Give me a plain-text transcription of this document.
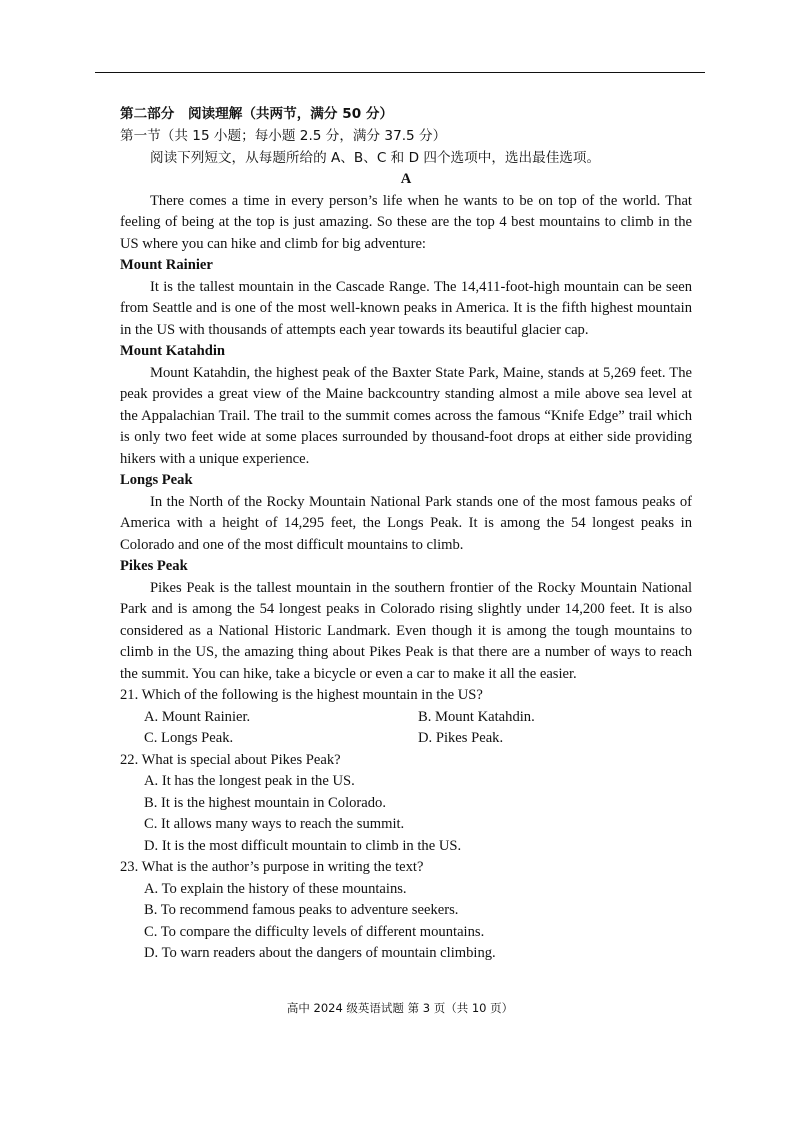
第二部分　阅读理解（共两节，满分 50 分）
第一节（共 15 小题；每小题 2.5 分，满分 37.5 分）
阅读下列短文，从每题所给的 A、B、C 和 D 四个选项中，选出最佳选项。
A

There comes a time in every person’s life when he wants to be on top of the world. That feeling of being at the top is just amazing. So these are the top 4 best mountains to climb in the US where you can hike and climb for big adventure:

Mount Rainier

It is the tallest mountain in the Cascade Range. The 14,411-foot-high mountain can be seen from Seattle and is one of the most well-known peaks in America. It is the fifth highest mountain in the US with thousands of attempts each year towards its beautiful glacier cap.

Mount Katahdin

Mount Katahdin, the highest peak of the Baxter State Park, Maine, stands at 5,269 feet. The peak provides a great view of the Maine backcountry standing almost a mile above sea level at the Appalachian Trail. The trail to the summit comes across the famous “Knife Edge” trail which is only two feet wide at some places surrounded by thousand-foot drops at either side providing hikers with a unique experience.

Longs Peak

In the North of the Rocky Mountain National Park stands one of the most famous peaks of America with a height of 14,295 feet, the Longs Peak. It is among the 54 longest peaks in Colorado and one of the most difficult mountains to climb.

Pikes Peak

Pikes Peak is the tallest mountain in the southern frontier of the Rocky Mountain National Park and is among the 54 longest peaks in Colorado rising slightly under 14,200 feet. It is also considered as a National Historic Landmark. Even though it is among the tough mountains to climb in the US, the amazing thing about Pikes Peak is that there are a number of ways to reach the summit. You can hike, take a bicycle or even a car to make it all the easier.

21. Which of the following is the highest mountain in the US?
A. Mount Rainier.	B. Mount Katahdin.
C. Longs Peak.	D. Pikes Peak.
22. What is special about Pikes Peak?
A. It has the longest peak in the US.
B. It is the highest mountain in Colorado.
C. It allows many ways to reach the summit.
D. It is the most difficult mountain to climb in the US.
23. What is the author’s purpose in writing the text?
A. To explain the history of these mountains.
B. To recommend famous peaks to adventure seekers.
C. To compare the difficulty levels of different mountains.
D. To warn readers about the dangers of mountain climbing.
高中 2024 级英语试题 第 3 页（共 10 页）
